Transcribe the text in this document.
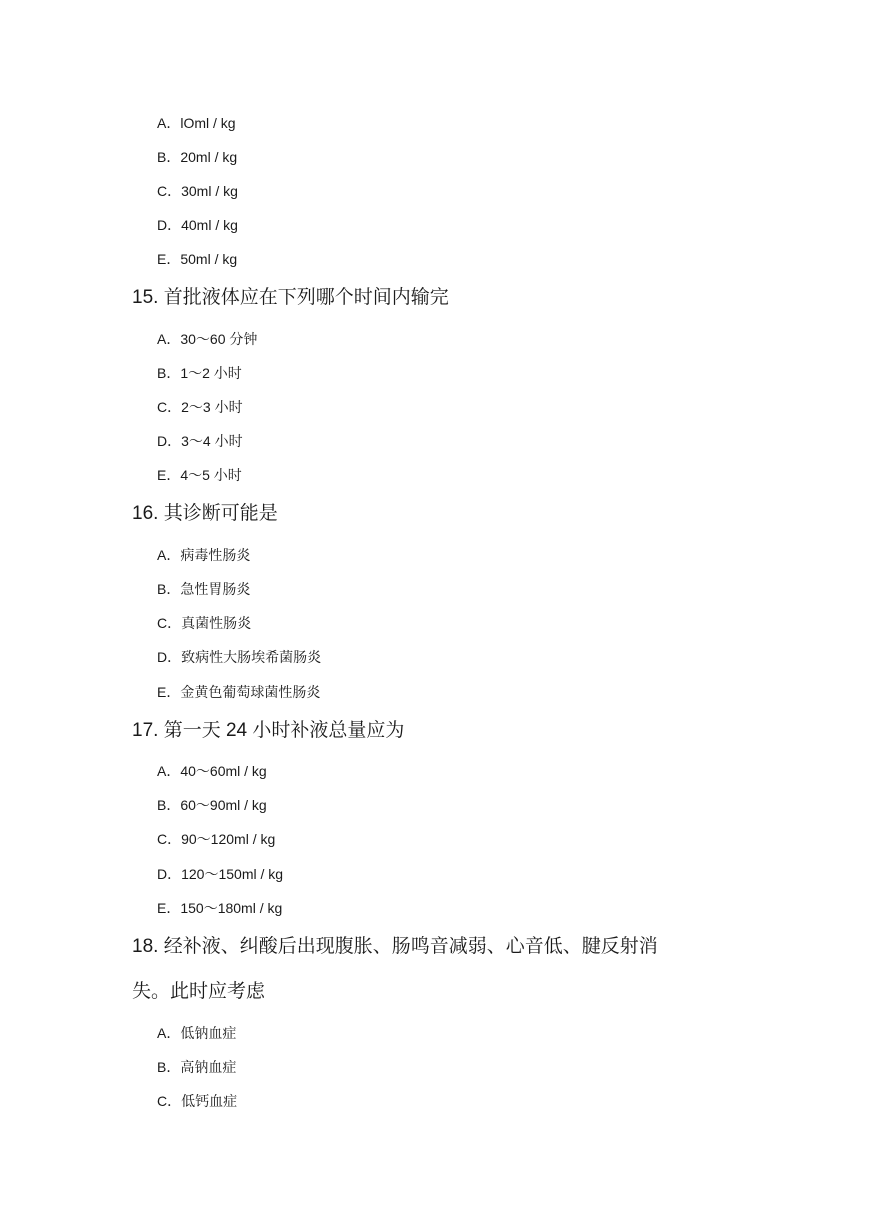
A．lOml / kg
B．20ml / kg
C．30ml / kg
D．40ml / kg
E．50ml / kg
15. 首批液体应在下列哪个时间内输完
A．30～60 分钟
B．1～2 小时
C．2～3 小时
D．3～4 小时
E．4～5 小时
16. 其诊断可能是
A．病毒性肠炎
B．急性胃肠炎
C．真菌性肠炎
D．致病性大肠埃希菌肠炎
E．金黄色葡萄球菌性肠炎
17. 第一天 24 小时补液总量应为
A．40～60ml / kg
B．60～90ml / kg
C．90～120ml / kg
D．120～150ml / kg
E．150～180ml / kg
18. 经补液、纠酸后出现腹胀、肠鸣音减弱、心音低、腱反射消
失。此时应考虑
A．低钠血症
B．高钠血症
C．低钙血症
